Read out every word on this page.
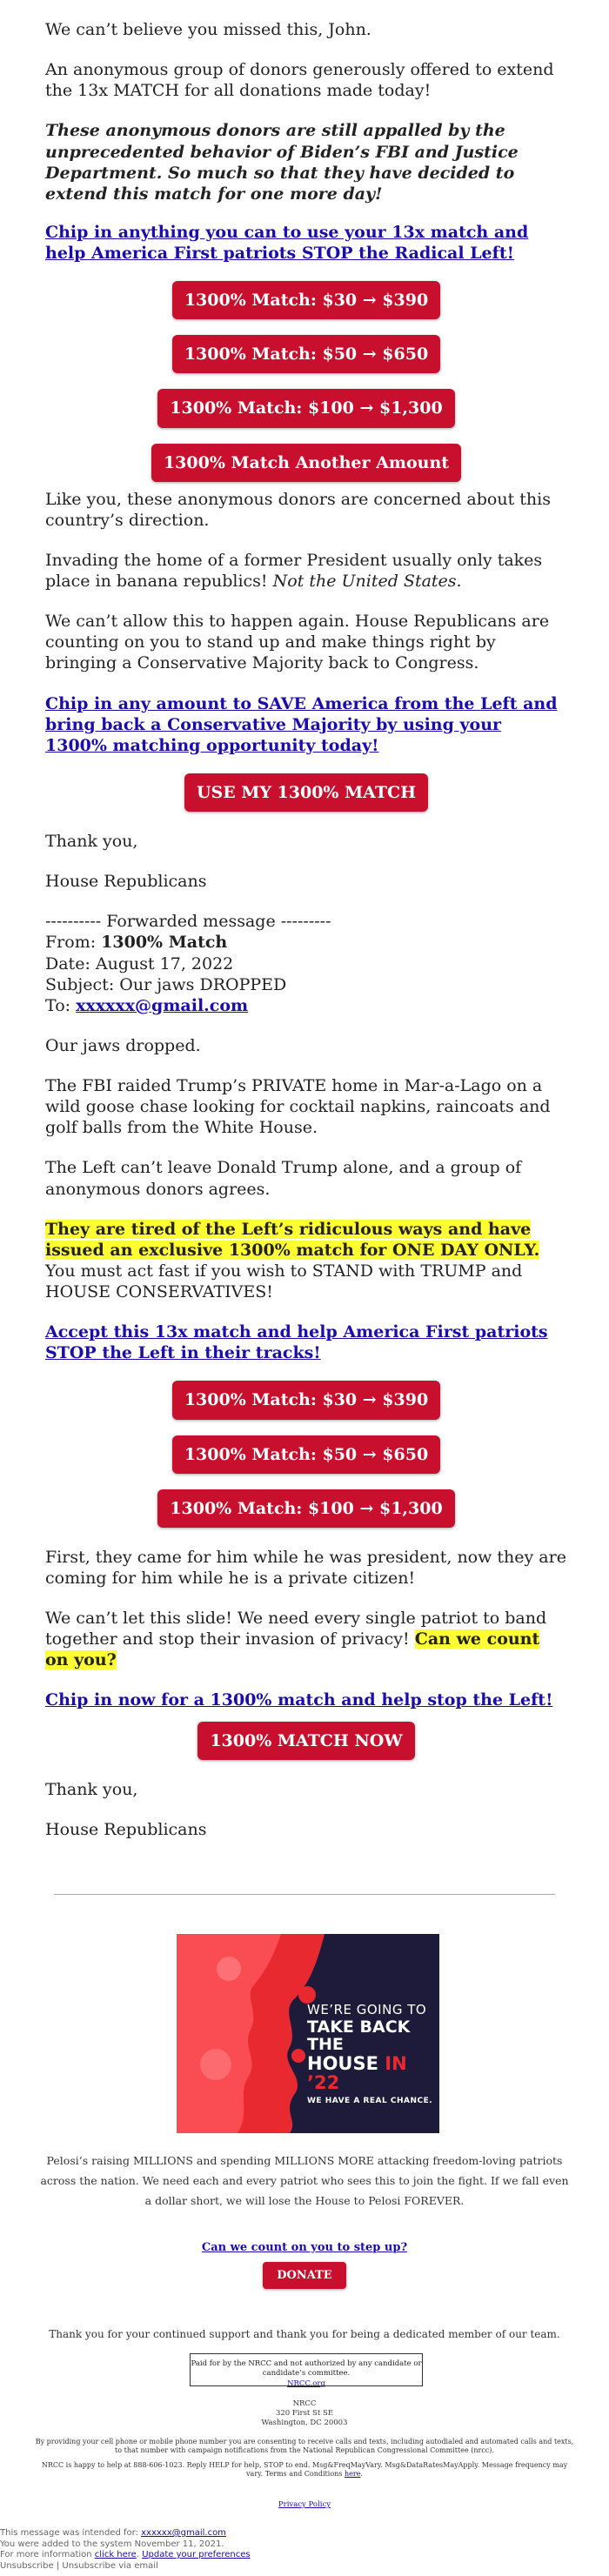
We can’t believe you missed this, John.

An anonymous group of donors generously offered to extend the 13x MATCH for all donations made today!

These anonymous donors are still appalled by the unprecedented behavior of Biden’s FBI and Justice Department. So much so that they have decided to extend this match for one more day!

Chip in anything you can to use your 13x match and help America First patriots STOP the Radical Left!

1300% Match: $30 → $390
1300% Match: $50 → $650
1300% Match: $100 → $1,300
1300% Match Another Amount

Like you, these anonymous donors are concerned about this country’s direction.

Invading the home of a former President usually only takes place in banana republics! Not the United States.

We can’t allow this to happen again. House Republicans are counting on you to stand up and make things right by bringing a Conservative Majority back to Congress.

Chip in any amount to SAVE America from the Left and bring back a Conservative Majority by using your 1300% matching opportunity today!

USE MY 1300% MATCH

Thank you,

House Republicans

---------- Forwarded message ---------

From: 1300% Match

Date: August 17, 2022

Subject: Our jaws DROPPED

To: xxxxxx@gmail.com

Our jaws dropped.

The FBI raided Trump’s PRIVATE home in Mar-a-Lago on a wild goose chase looking for cocktail napkins, raincoats and golf balls from the White House.

The Left can’t leave Donald Trump alone, and a group of anonymous donors agrees.

They are tired of the Left’s ridiculous ways and have issued an exclusive 1300% match for ONE DAY ONLY. You must act fast if you wish to STAND with TRUMP and HOUSE CONSERVATIVES!

Accept this 13x match and help America First patriots STOP the Left in their tracks!

1300% Match: $30 → $390
1300% Match: $50 → $650
1300% Match: $100 → $1,300

First, they came for him while he was president, now they are coming for him while he is a private citizen!

We can’t let this slide! We need every single patriot to band together and stop their invasion of privacy! Can we count on you?

Chip in now for a 1300% match and help stop the Left!

1300% MATCH NOW

Thank you,

House Republicans

WE’RE GOING TO
TAKE BACK THE
HOUSE IN ’22
WE HAVE A REAL CHANCE.

Pelosi’s raising MILLIONS and spending MILLIONS MORE attacking freedom-loving patriots across the nation. We need each and every patriot who sees this to join the fight. If we fall even a dollar short, we will lose the House to Pelosi FOREVER.

Can we count on you to step up?
DONATE

Thank you for your continued support and thank you for being a dedicated member of our team.

Paid for by the NRCC and not authorized by any candidate or candidate’s committee.
NRCC.org
NRCC
320 First St SE
Washington, DC 20003

By providing your cell phone or mobile phone number you are consenting to receive calls and texts, including autodialed and automated calls and texts, to that number with campaign notifications from the National Republican Congressional Committee (nrcc).

NRCC is happy to help at 888-606-1023. Reply HELP for help, STOP to end. Msg&FreqMayVary. Msg&DataRatesMayApply. Message frequency may vary. Terms and Conditions here.

Privacy Policy
This message was intended for: xxxxxx@gmail.com
You were added to the system November 11, 2021.
For more information click here. Update your preferences
Unsubscribe | Unsubscribe via email
